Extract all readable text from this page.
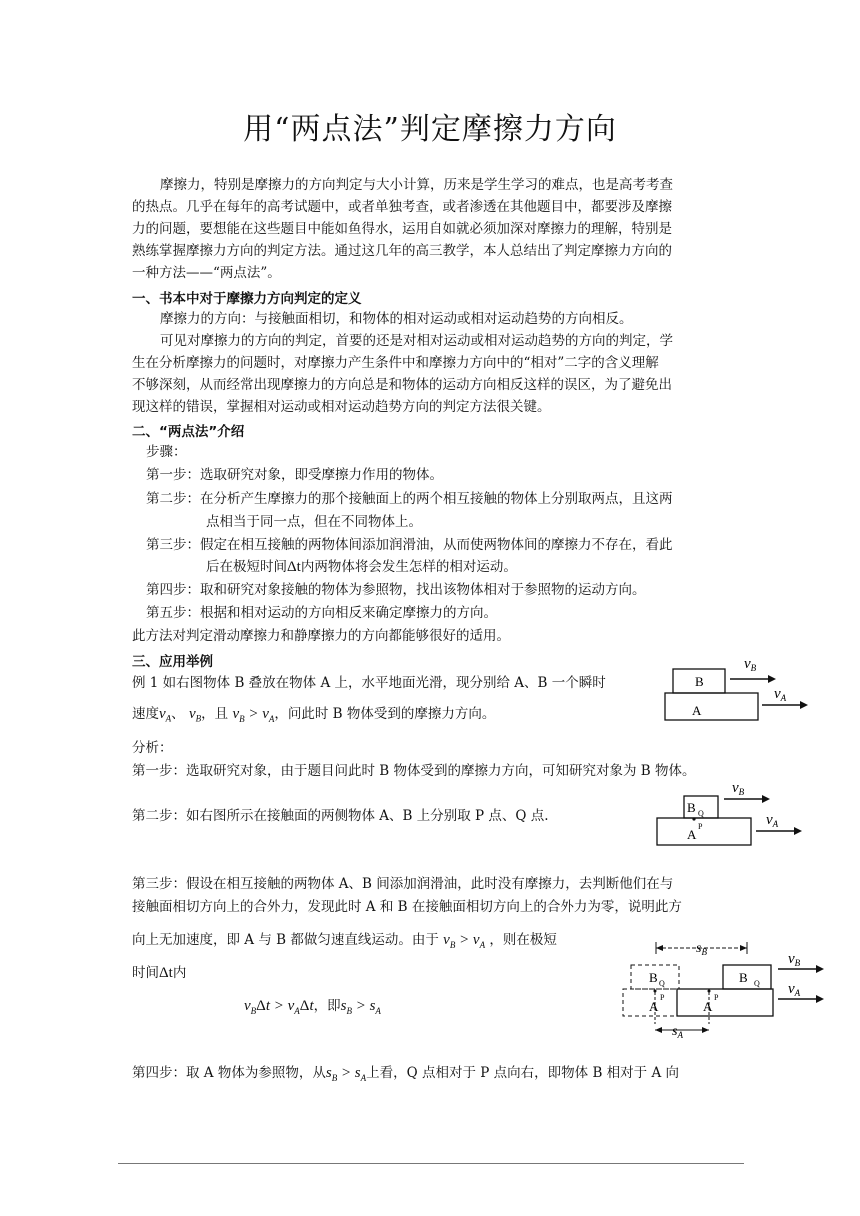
用“两点法”判定摩擦力方向
摩擦力，特别是摩擦力的方向判定与大小计算，历来是学生学习的难点，也是高考考查
的热点。几乎在每年的高考试题中，或者单独考查，或者渗透在其他题目中，都要涉及摩擦
力的问题，要想能在这些题目中能如鱼得水，运用自如就必须加深对摩擦力的理解，特别是
熟练掌握摩擦力方向的判定方法。通过这几年的高三教学，本人总结出了判定摩擦力方向的
一种方法——“两点法”。
一、书本中对于摩擦力方向判定的定义
摩擦力的方向：与接触面相切，和物体的相对运动或相对运动趋势的方向相反。
可见对摩擦力的方向的判定，首要的还是对相对运动或相对运动趋势的方向的判定，学
生在分析摩擦力的问题时，对摩擦力产生条件中和摩擦力方向中的“相对”二字的含义理解
不够深刻，从而经常出现摩擦力的方向总是和物体的运动方向相反这样的误区，为了避免出
现这样的错误，掌握相对运动或相对运动趋势方向的判定方法很关键。
二、“两点法”介绍
步骤：
第一步：选取研究对象，即受摩擦力作用的物体。
第二步：在分析产生摩擦力的那个接触面上的两个相互接触的物体上分别取两点，且这两
点相当于同一点，但在不同物体上。
第三步：假定在相互接触的两物体间添加润滑油，从而使两物体间的摩擦力不存在，看此
后在极短时间Δt内两物体将会发生怎样的相对运动。
第四步：取和研究对象接触的物体为参照物，找出该物体相对于参照物的运动方向。
第五步：根据和相对运动的方向相反来确定摩擦力的方向。
此方法对判定滑动摩擦力和静摩擦力的方向都能够很好的适用。
三、应用举例
例 1 如右图物体 B 叠放在物体 A 上，水平地面光滑，现分别给 A、B 一个瞬时
速度$v_A$、 $v_B$，且 $v_B > v_A$，问此时 B 物体受到的摩擦力方向。
B
A
$v_B$
$v_A$
分析：
第一步：选取研究对象，由于题目问此时 B 物体受到的摩擦力方向，可知研究对象为 B 物体。
第二步：如右图所示在接触面的两侧物体 A、B 上分别取 P 点、Q 点.
B Q
P
A
$v_B$
$v_A$
第三步：假设在相互接触的两物体 A、B 间添加润滑油，此时没有摩擦力，去判断他们在与
接触面相切方向上的合外力，发现此时 A 和 B 在接触面相切方向上的合外力为零，说明此方
向上无加速度，即 A 与 B 都做匀速直线运动。由于 $v_B > v_A$ ，则在极短
时间Δt内
$v_B\Delta t > v_A\Delta t$，即$s_B > s_A$
$s_B$
B Q
P
A
B Q
P
A
$s_A$
$v_B$
$v_A$
第四步：取 A 物体为参照物，从$s_B > s_A$上看，Q 点相对于 P 点向右，即物体 B 相对于 A 向
